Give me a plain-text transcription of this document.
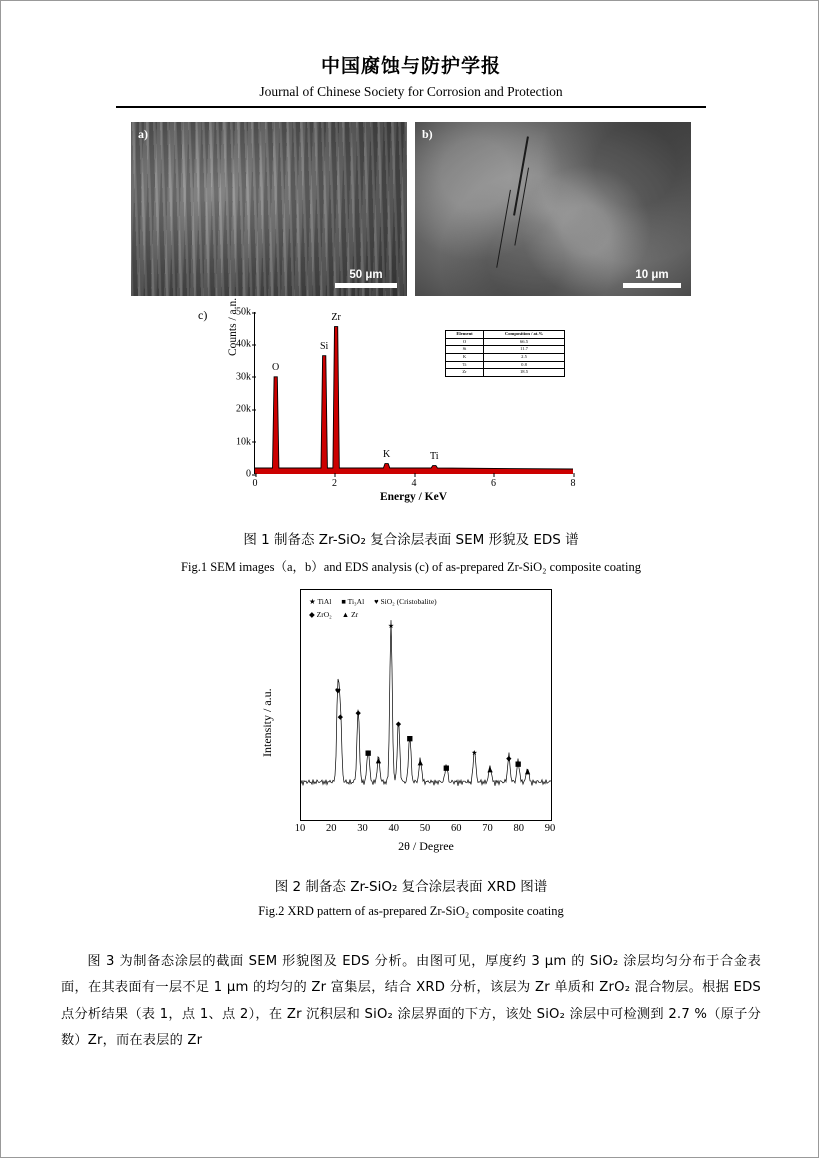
中国腐蚀与防护学报
Journal of Chinese Society for Corrosion and Protection
a)
50 μm
b)
10 μm
c) Counts / a.n.
Energy / KeV
Element	Composition / at.%
O	66.5
Si	11.7
K	2.5
Ti	0.8
Zr	18.5
0
10k
20k
30k
40k
50k
0	2	4	6	8
O
Si
Zr
K	Ti
图 1 制备态 Zr-SiO₂ 复合涂层表面 SEM 形貌及 EDS 谱
Fig.1 SEM images（a，b）and EDS analysis (c) of as-prepared Zr-SiO₂ composite coating
Intensity / a.u.
★ TiAl ■ Ti₃Al ♥ SiO₂ (Cristobalite)
◆ ZrO₂ ▲ Zr
♥
◆ ◆
■
▲
★
◆
■
▲
■
★
▲
◆
■
▲
10 20 30 40 50 60 70 80 90
2θ / Degree
图 2 制备态 Zr-SiO₂ 复合涂层表面 XRD 图谱
Fig.2 XRD pattern of as-prepared Zr-SiO₂ composite coating

图 3 为制备态涂层的截面 SEM 形貌图及 EDS 分析。由图可见，厚度约 3 μm 的 SiO₂ 涂层均匀分布于合金表面，在其表面有一层不足 1 μm 的均匀的 Zr 富集层，结合 XRD 分析，该层为 Zr 单质和 ZrO₂ 混合物层。根据 EDS 点分析结果（表 1，点 1、点 2），在 Zr 沉积层和 SiO₂ 涂层界面的下方，该处 SiO₂ 涂层中可检测到 2.7 %（原子分数）Zr，而在表层的 Zr
